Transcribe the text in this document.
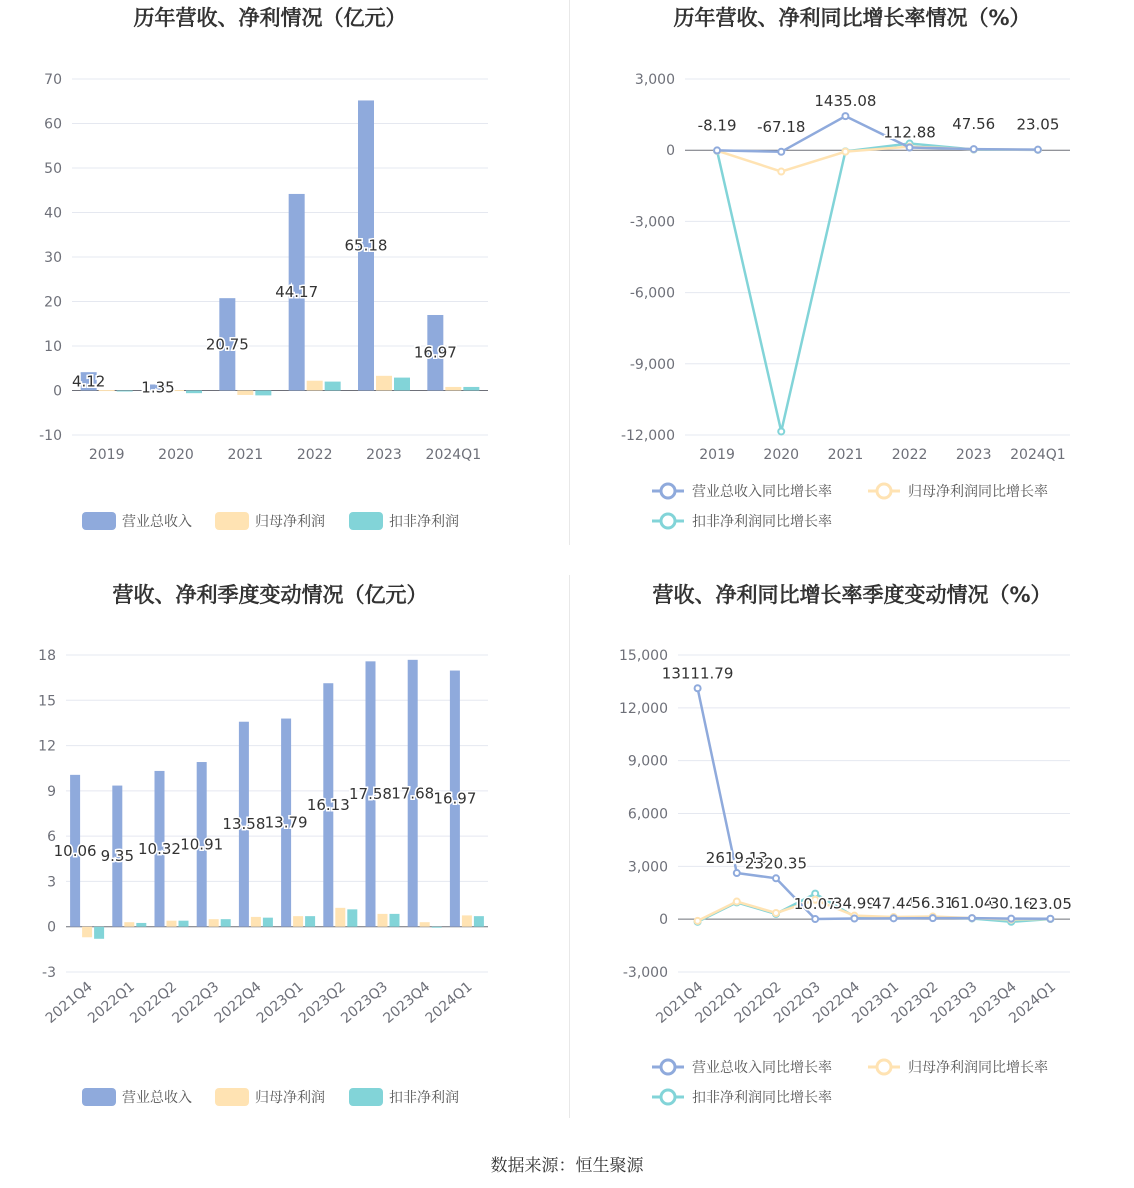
历年营收、净利情况（亿元）
70
60
50
40
30
20
10
0
-10
2019
4.12
2020
1.35
2021
20.75
2022
44.17
2023
65.18
2024Q1
16.97
营业总收入	归母净利润	扣非净利润
历年营收、净利同比增长率情况（%）
3,000
0
-3,000
-6,000
-9,000
-12,000
2019 2020 2021 2022 2023 2024Q1
-8.19 -67.18
1435.08
112.88 47.56 23.05
营业总收入同比增长率	归母净利润同比增长率
扣非净利润同比增长率
营收、净利季度变动情况（亿元）
18
15
12
9
6
3
0
-3
2021Q4
10.06
2022Q1
9.35
2022Q2
10.32
2022Q3
10.91
2022Q4
13.58
2023Q1
13.79
2023Q2
16.13
2023Q3
17.58
2023Q4
17.68
2024Q1
16.97
营业总收入	归母净利润	扣非净利润
营收、净利同比增长率季度变动情况（%）
15,000
12,000
9,000
6,000
3,000
0
-3,000
2021Q4
2022Q1
2022Q2
2022Q3
2022Q4
2023Q1
2023Q2
2023Q3
2023Q4
2024Q1
13111.79
2619.13
2320.35
10.07
34.99
47.44
56.31
61.04
30.16
23.05
营业总收入同比增长率	归母净利润同比增长率
扣非净利润同比增长率
数据来源：恒生聚源
